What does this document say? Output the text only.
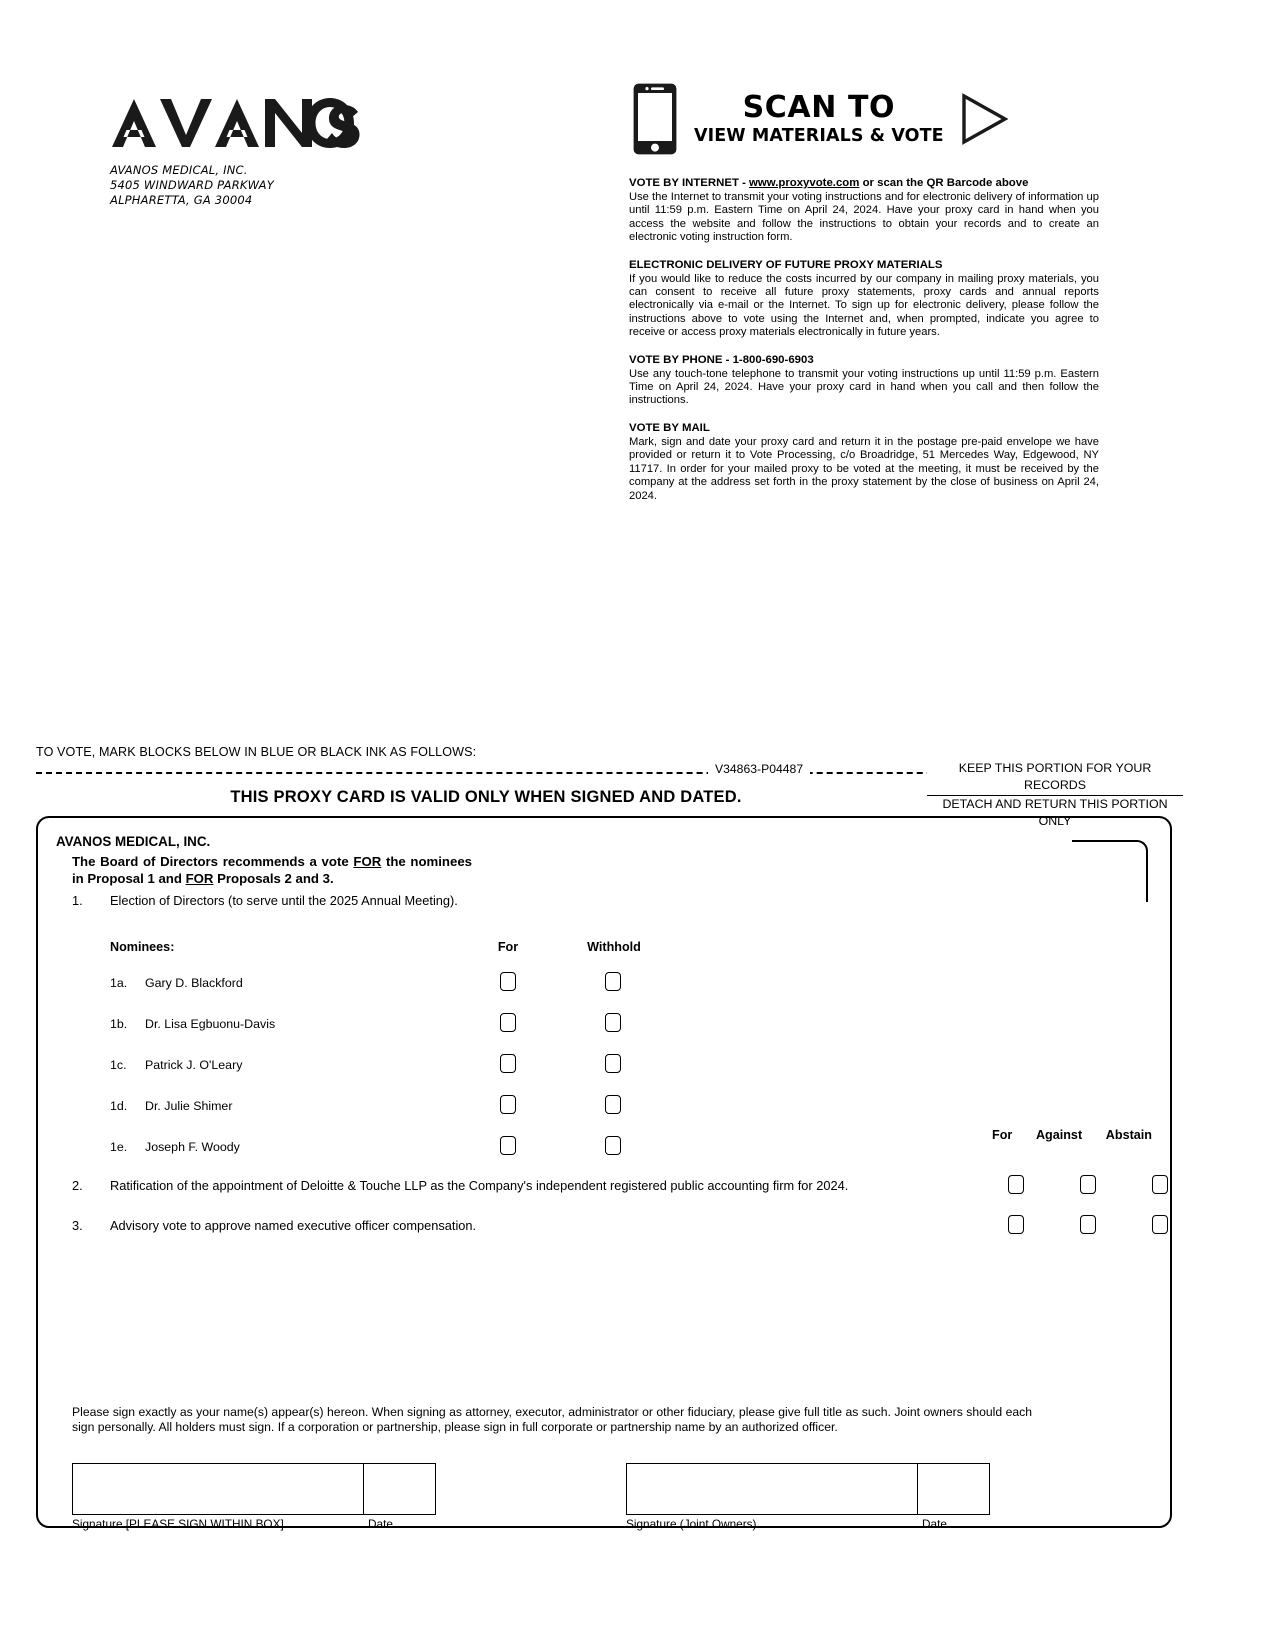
AVANOS MEDICAL, INC.
5405 WINDWARD PARKWAY
ALPHARETTA, GA 30004
SCAN TO
VIEW MATERIALS & VOTE
VOTE BY INTERNET - www.proxyvote.com or scan the QR Barcode above

Use the Internet to transmit your voting instructions and for electronic delivery of information up until 11:59 p.m. Eastern Time on April 24, 2024. Have your proxy card in hand when you access the website and follow the instructions to obtain your records and to create an electronic voting instruction form.

ELECTRONIC DELIVERY OF FUTURE PROXY MATERIALS

If you would like to reduce the costs incurred by our company in mailing proxy materials, you can consent to receive all future proxy statements, proxy cards and annual reports electronically via e-mail or the Internet. To sign up for electronic delivery, please follow the instructions above to vote using the Internet and, when prompted, indicate you agree to receive or access proxy materials electronically in future years.

VOTE BY PHONE - 1-800-690-6903

Use any touch-tone telephone to transmit your voting instructions up until 11:59 p.m. Eastern Time on April 24, 2024. Have your proxy card in hand when you call and then follow the instructions.

VOTE BY MAIL

Mark, sign and date your proxy card and return it in the postage pre-paid envelope we have provided or return it to Vote Processing, c/o Broadridge, 51 Mercedes Way, Edgewood, NY 11717. In order for your mailed proxy to be voted at the meeting, it must be received by the company at the address set forth in the proxy statement by the close of business on April 24, 2024.

TO VOTE, MARK BLOCKS BELOW IN BLUE OR BLACK INK AS FOLLOWS:
V34863-P04487	KEEP THIS PORTION FOR YOUR RECORDS
DETACH AND RETURN THIS PORTION ONLY
THIS PROXY CARD IS VALID ONLY WHEN SIGNED AND DATED.
AVANOS MEDICAL, INC.
The Board of Directors recommends a vote FOR the nominees in Proposal 1 and FOR Proposals 2 and 3.
1. Election of Directors (to serve until the 2025 Annual Meeting).
Nominees:	For	Withhold
1a. Gary D. Blackford
1b. Dr. Lisa Egbuonu-Davis
1c. Patrick J. O'Leary
1d. Dr. Julie Shimer
1e. Joseph F. Woody
For Against Abstain
2. Ratification of the appointment of Deloitte & Touche LLP as the Company's independent registered public accounting firm for 2024.
3. Advisory vote to approve named executive officer compensation.
Please sign exactly as your name(s) appear(s) hereon. When signing as attorney, executor, administrator or other fiduciary, please give full title as such. Joint owners should each sign personally. All holders must sign. If a corporation or partnership, please sign in full corporate or partnership name by an authorized officer.
Signature [PLEASE SIGN WITHIN BOX]	Date	Signature (Joint Owners)	Date
